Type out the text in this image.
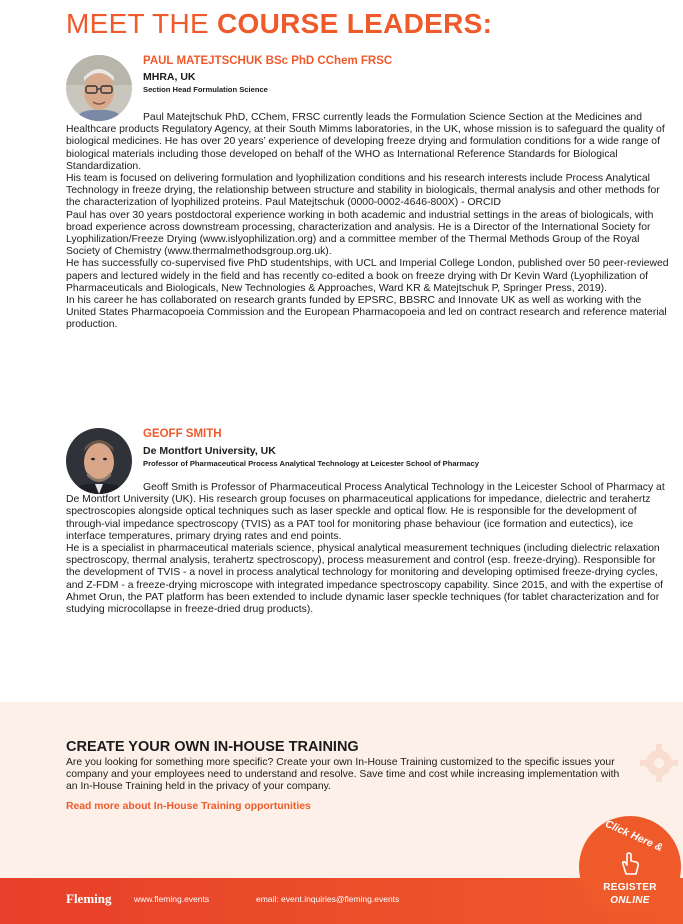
MEET THE COURSE LEADERS:
PAUL MATEJTSCHUK BSc PhD CChem FRSC
MHRA, UK
Section Head Formulation Science

Paul Matejtschuk PhD, CChem, FRSC currently leads the Formulation Science Section at the Medicines and Healthcare products Regulatory Agency, at their South Mimms laboratories, in the UK, whose mission is to safeguard the quality of biological medicines. He has over 20 years’ experience of developing freeze drying and formulation conditions for a wide range of biological materials including those developed on behalf of the WHO as International Reference Standards for Biological Standardization.

His team is focused on delivering formulation and lyophilization conditions and his research interests include Process Analytical Technology in freeze drying, the relationship between structure and stability in biologicals, thermal analysis and other methods for the characterization of lyophilized proteins. Paul Matejtschuk (0000-0002-4646-800X) - ORCID

Paul has over 30 years postdoctoral experience working in both academic and industrial settings in the areas of biologicals, with broad experience across downstream processing, characterization and analysis. He is a Director of the International Society for Lyophilization/Freeze Drying (www.islyophilization.org) and a committee member of the Thermal Methods Group of the Royal Society of Chemistry (www.thermalmethodsgroup.org.uk).

He has successfully co-supervised five PhD studentships, with UCL and Imperial College London, published over 50 peer-reviewed papers and lectured widely in the field and has recently co-edited a book on freeze drying with Dr Kevin Ward (Lyophilization of Pharmaceuticals and Biologicals, New Technologies & Approaches, Ward KR & Matejtschuk P, Springer Press, 2019).

In his career he has collaborated on research grants funded by EPSRC, BBSRC and Innovate UK as well as working with the United States Pharmacopoeia Commission and the European Pharmacopoeia and led on contract research and reference material production.

GEOFF SMITH
De Montfort University, UK
Professor of Pharmaceutical Process Analytical Technology at Leicester School of Pharmacy

Geoff Smith is Professor of Pharmaceutical Process Analytical Technology in the Leicester School of Pharmacy at De Montfort University (UK). His research group focuses on pharmaceutical applications for impedance, dielectric and terahertz spectroscopies alongside optical techniques such as laser speckle and optical flow. He is responsible for the development of through-vial impedance spectroscopy (TVIS) as a PAT tool for monitoring phase behaviour (ice formation and eutectics), ice interface temperatures, primary drying rates and end points.

He is a specialist in pharmaceutical materials science, physical analytical measurement techniques (including dielectric relaxation spectroscopy, thermal analysis, terahertz spectroscopy), process measurement and control (esp. freeze-drying). Responsible for the development of TVIS - a novel in process analytical technology for monitoring and developing optimised freeze-drying cycles, and Z-FDM - a freeze-drying microscope with integrated impedance spectroscopy capability. Since 2015, and with the expertise of Ahmet Orun, the PAT platform has been extended to include dynamic laser speckle techniques (for tablet characterization and for studying microcollapse in freeze-dried drug products).

CREATE YOUR OWN IN-HOUSE TRAINING
Are you looking for something more specific? Create your own In-House Training customized to the specific issues your company and your employees need to understand and resolve. Save time and cost while increasing implementation with an In-House Training held in the privacy of your company.
Read more about In-House Training opportunities
Fleming	www.fleming.events	email: event.inquiries@fleming.events
Click Here &
REGISTER
ONLINE
